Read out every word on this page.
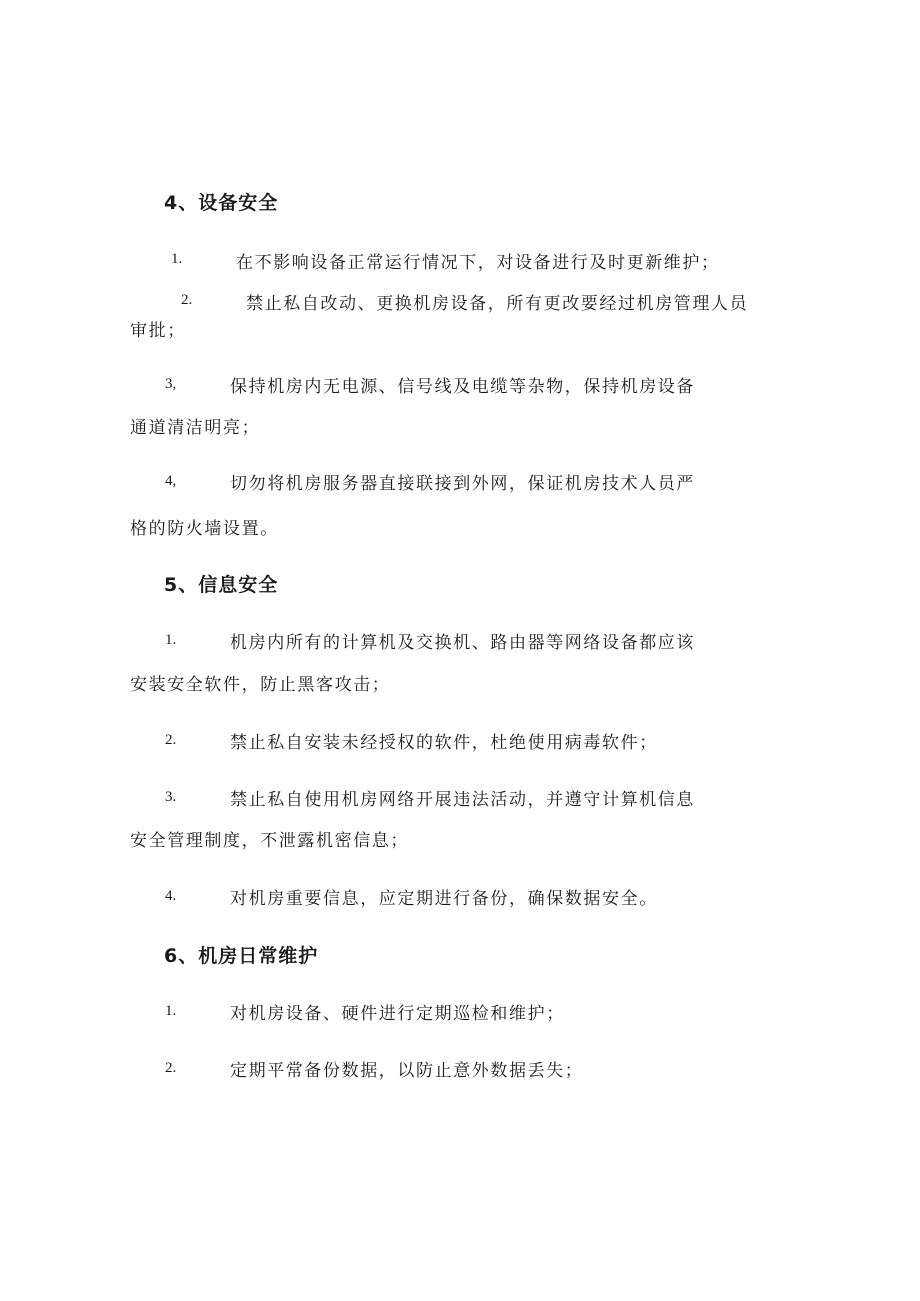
4、设备安全
1.	在不影响设备正常运行情况下，对设备进行及时更新维护；
2.	禁止私自改动、更换机房设备，所有更改要经过机房管理人员
审批；
3,	保持机房内无电源、信号线及电缆等杂物，保持机房设备
通道清洁明亮；
4,	切勿将机房服务器直接联接到外网，保证机房技术人员严
格的防火墙设置。
5、信息安全
1.	机房内所有的计算机及交换机、路由器等网络设备都应该
安装安全软件，防止黑客攻击；
2.	禁止私自安装未经授权的软件，杜绝使用病毒软件；
3.	禁止私自使用机房网络开展违法活动，并遵守计算机信息
安全管理制度，不泄露机密信息；
4.	对机房重要信息，应定期进行备份，确保数据安全。
6、机房日常维护
1.	对机房设备、硬件进行定期巡检和维护；
2.	定期平常备份数据，以防止意外数据丢失；
